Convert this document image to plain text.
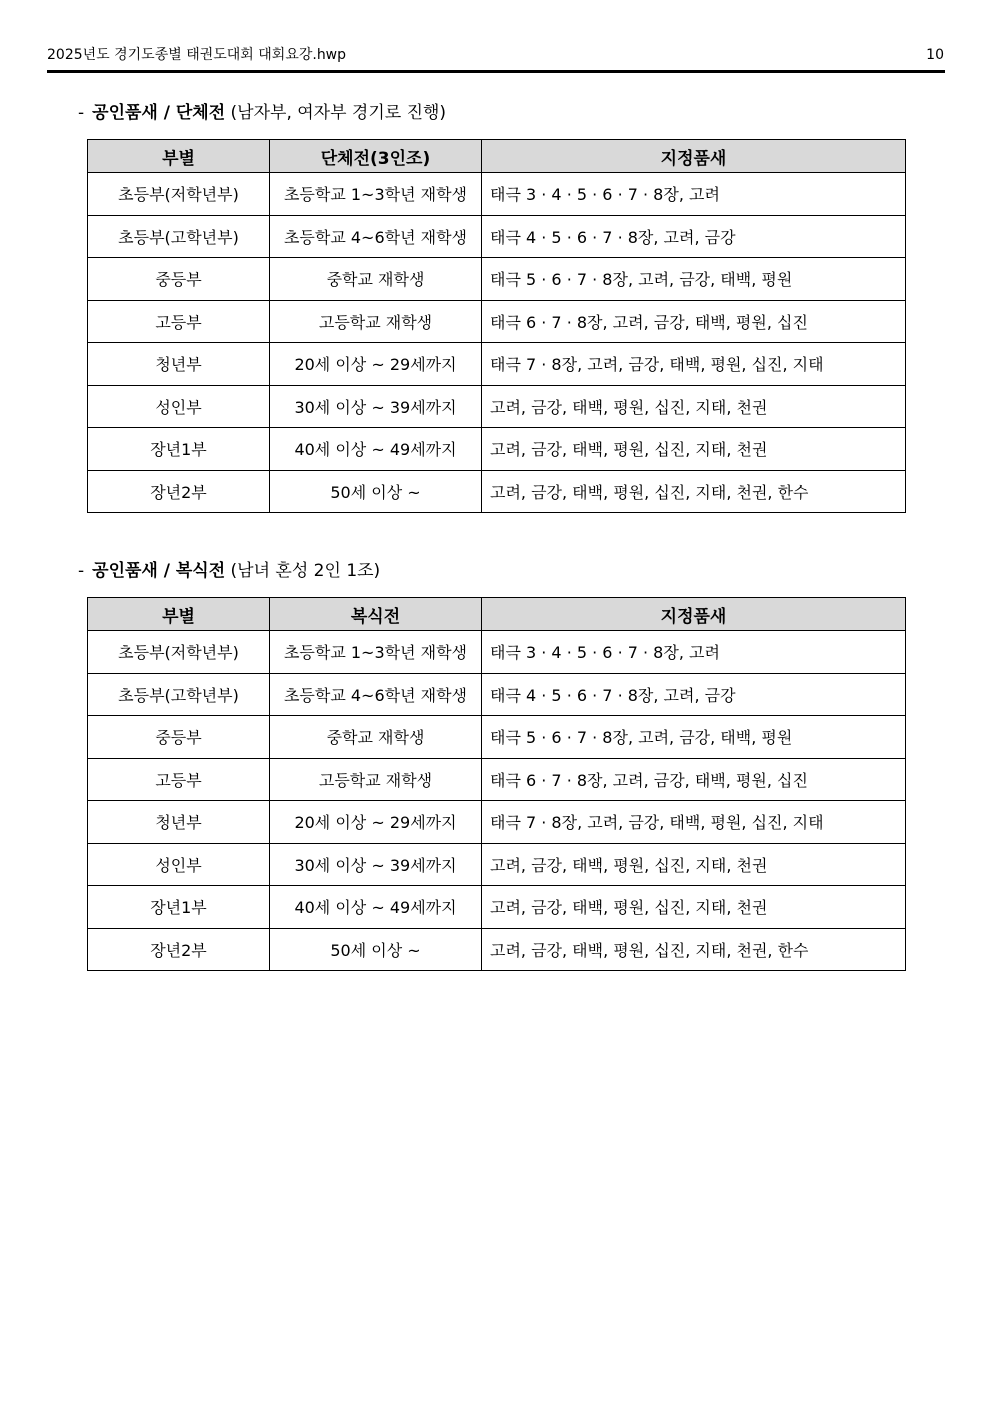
2025년도 경기도종별 태권도대회 대회요강.hwp	10
- 공인품새 / 단체전 (남자부, 여자부 경기로 진행)
부별	단체전(3인조)	지정품새
초등부(저학년부)	초등학교 1~3학년 재학생	태극 3 · 4 · 5 · 6 · 7 · 8장, 고려
초등부(고학년부)	초등학교 4~6학년 재학생	태극 4 · 5 · 6 · 7 · 8장, 고려, 금강
중등부	중학교 재학생	태극 5 · 6 · 7 · 8장, 고려, 금강, 태백, 평원
고등부	고등학교 재학생	태극 6 · 7 · 8장, 고려, 금강, 태백, 평원, 십진
청년부	20세 이상 ~ 29세까지	태극 7 · 8장, 고려, 금강, 태백, 평원, 십진, 지태
성인부	30세 이상 ~ 39세까지	고려, 금강, 태백, 평원, 십진, 지태, 천권
장년1부	40세 이상 ~ 49세까지	고려, 금강, 태백, 평원, 십진, 지태, 천권
장년2부	50세 이상 ~	고려, 금강, 태백, 평원, 십진, 지태, 천권, 한수
- 공인품새 / 복식전 (남녀 혼성 2인 1조)
부별	복식전	지정품새
초등부(저학년부)	초등학교 1~3학년 재학생	태극 3 · 4 · 5 · 6 · 7 · 8장, 고려
초등부(고학년부)	초등학교 4~6학년 재학생	태극 4 · 5 · 6 · 7 · 8장, 고려, 금강
중등부	중학교 재학생	태극 5 · 6 · 7 · 8장, 고려, 금강, 태백, 평원
고등부	고등학교 재학생	태극 6 · 7 · 8장, 고려, 금강, 태백, 평원, 십진
청년부	20세 이상 ~ 29세까지	태극 7 · 8장, 고려, 금강, 태백, 평원, 십진, 지태
성인부	30세 이상 ~ 39세까지	고려, 금강, 태백, 평원, 십진, 지태, 천권
장년1부	40세 이상 ~ 49세까지	고려, 금강, 태백, 평원, 십진, 지태, 천권
장년2부	50세 이상 ~	고려, 금강, 태백, 평원, 십진, 지태, 천권, 한수
